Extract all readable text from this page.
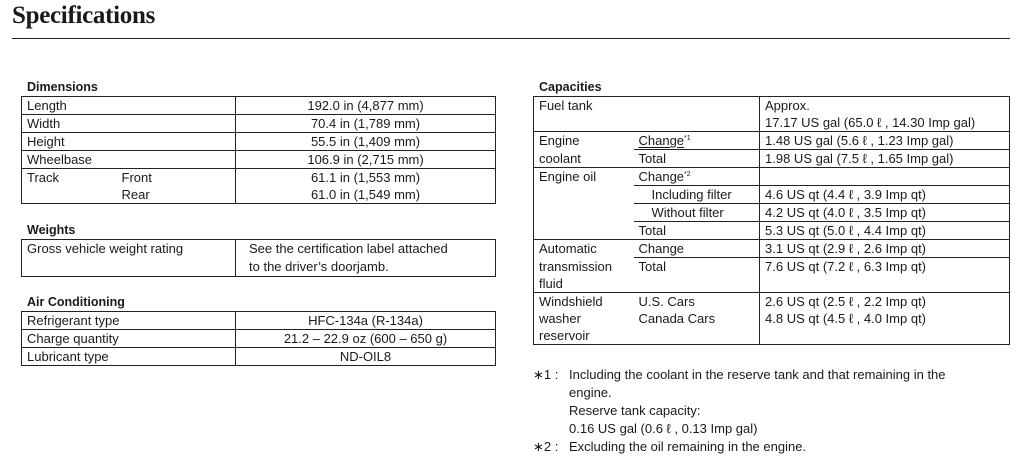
Specifications
Dimensions
Length		192.0 in (4,877 mm)
Width		70.4 in (1,789 mm)
Height		55.5 in (1,409 mm)
Wheelbase		106.9 in (2,715 mm)
Track	Front	61.1 in (1,553 mm)
	Rear	61.0 in (1,549 mm)
Weights
Gross vehicle weight rating	See the certification label attached
to the driver’s doorjamb.
Air Conditioning
Refrigerant type	HFC-134a (R-134a)
Charge quantity	21.2 – 22.9 oz (600 – 650 g)
Lubricant type	ND-OIL8
Capacities
Fuel tank		Approx.
17.17 US gal (65.0 ℓ , 14.30 Imp gal)

Engine	Change$^{*1}$	1.48 US gal (5.6 ℓ , 1.23 Imp gal)
coolant	Total	1.98 US gal (7.5 ℓ , 1.65 Imp gal)
Engine oil	Change$^{*2}$	
	Including filter	4.6 US qt (4.4 ℓ , 3.9 Imp qt)
	Without filter	4.2 US qt (4.0 ℓ , 3.5 Imp qt)
	Total	5.3 US qt (5.0 ℓ , 4.4 Imp qt)
Automatic	Change	3.1 US qt (2.9 ℓ , 2.6 Imp qt)
transmission	Total	7.6 US qt (7.2 ℓ , 6.3 Imp qt)
fluid		
Windshield	U.S. Cars	2.6 US qt (2.5 ℓ , 2.2 Imp qt)
washer	Canada Cars	4.8 US qt (4.5 ℓ , 4.0 Imp qt)
reservoir		
∗1 : Including the coolant in the reserve tank and that remaining in the
engine.
Reserve tank capacity:
0.16 US gal (0.6 ℓ , 0.13 Imp gal)
∗2 : Excluding the oil remaining in the engine.
